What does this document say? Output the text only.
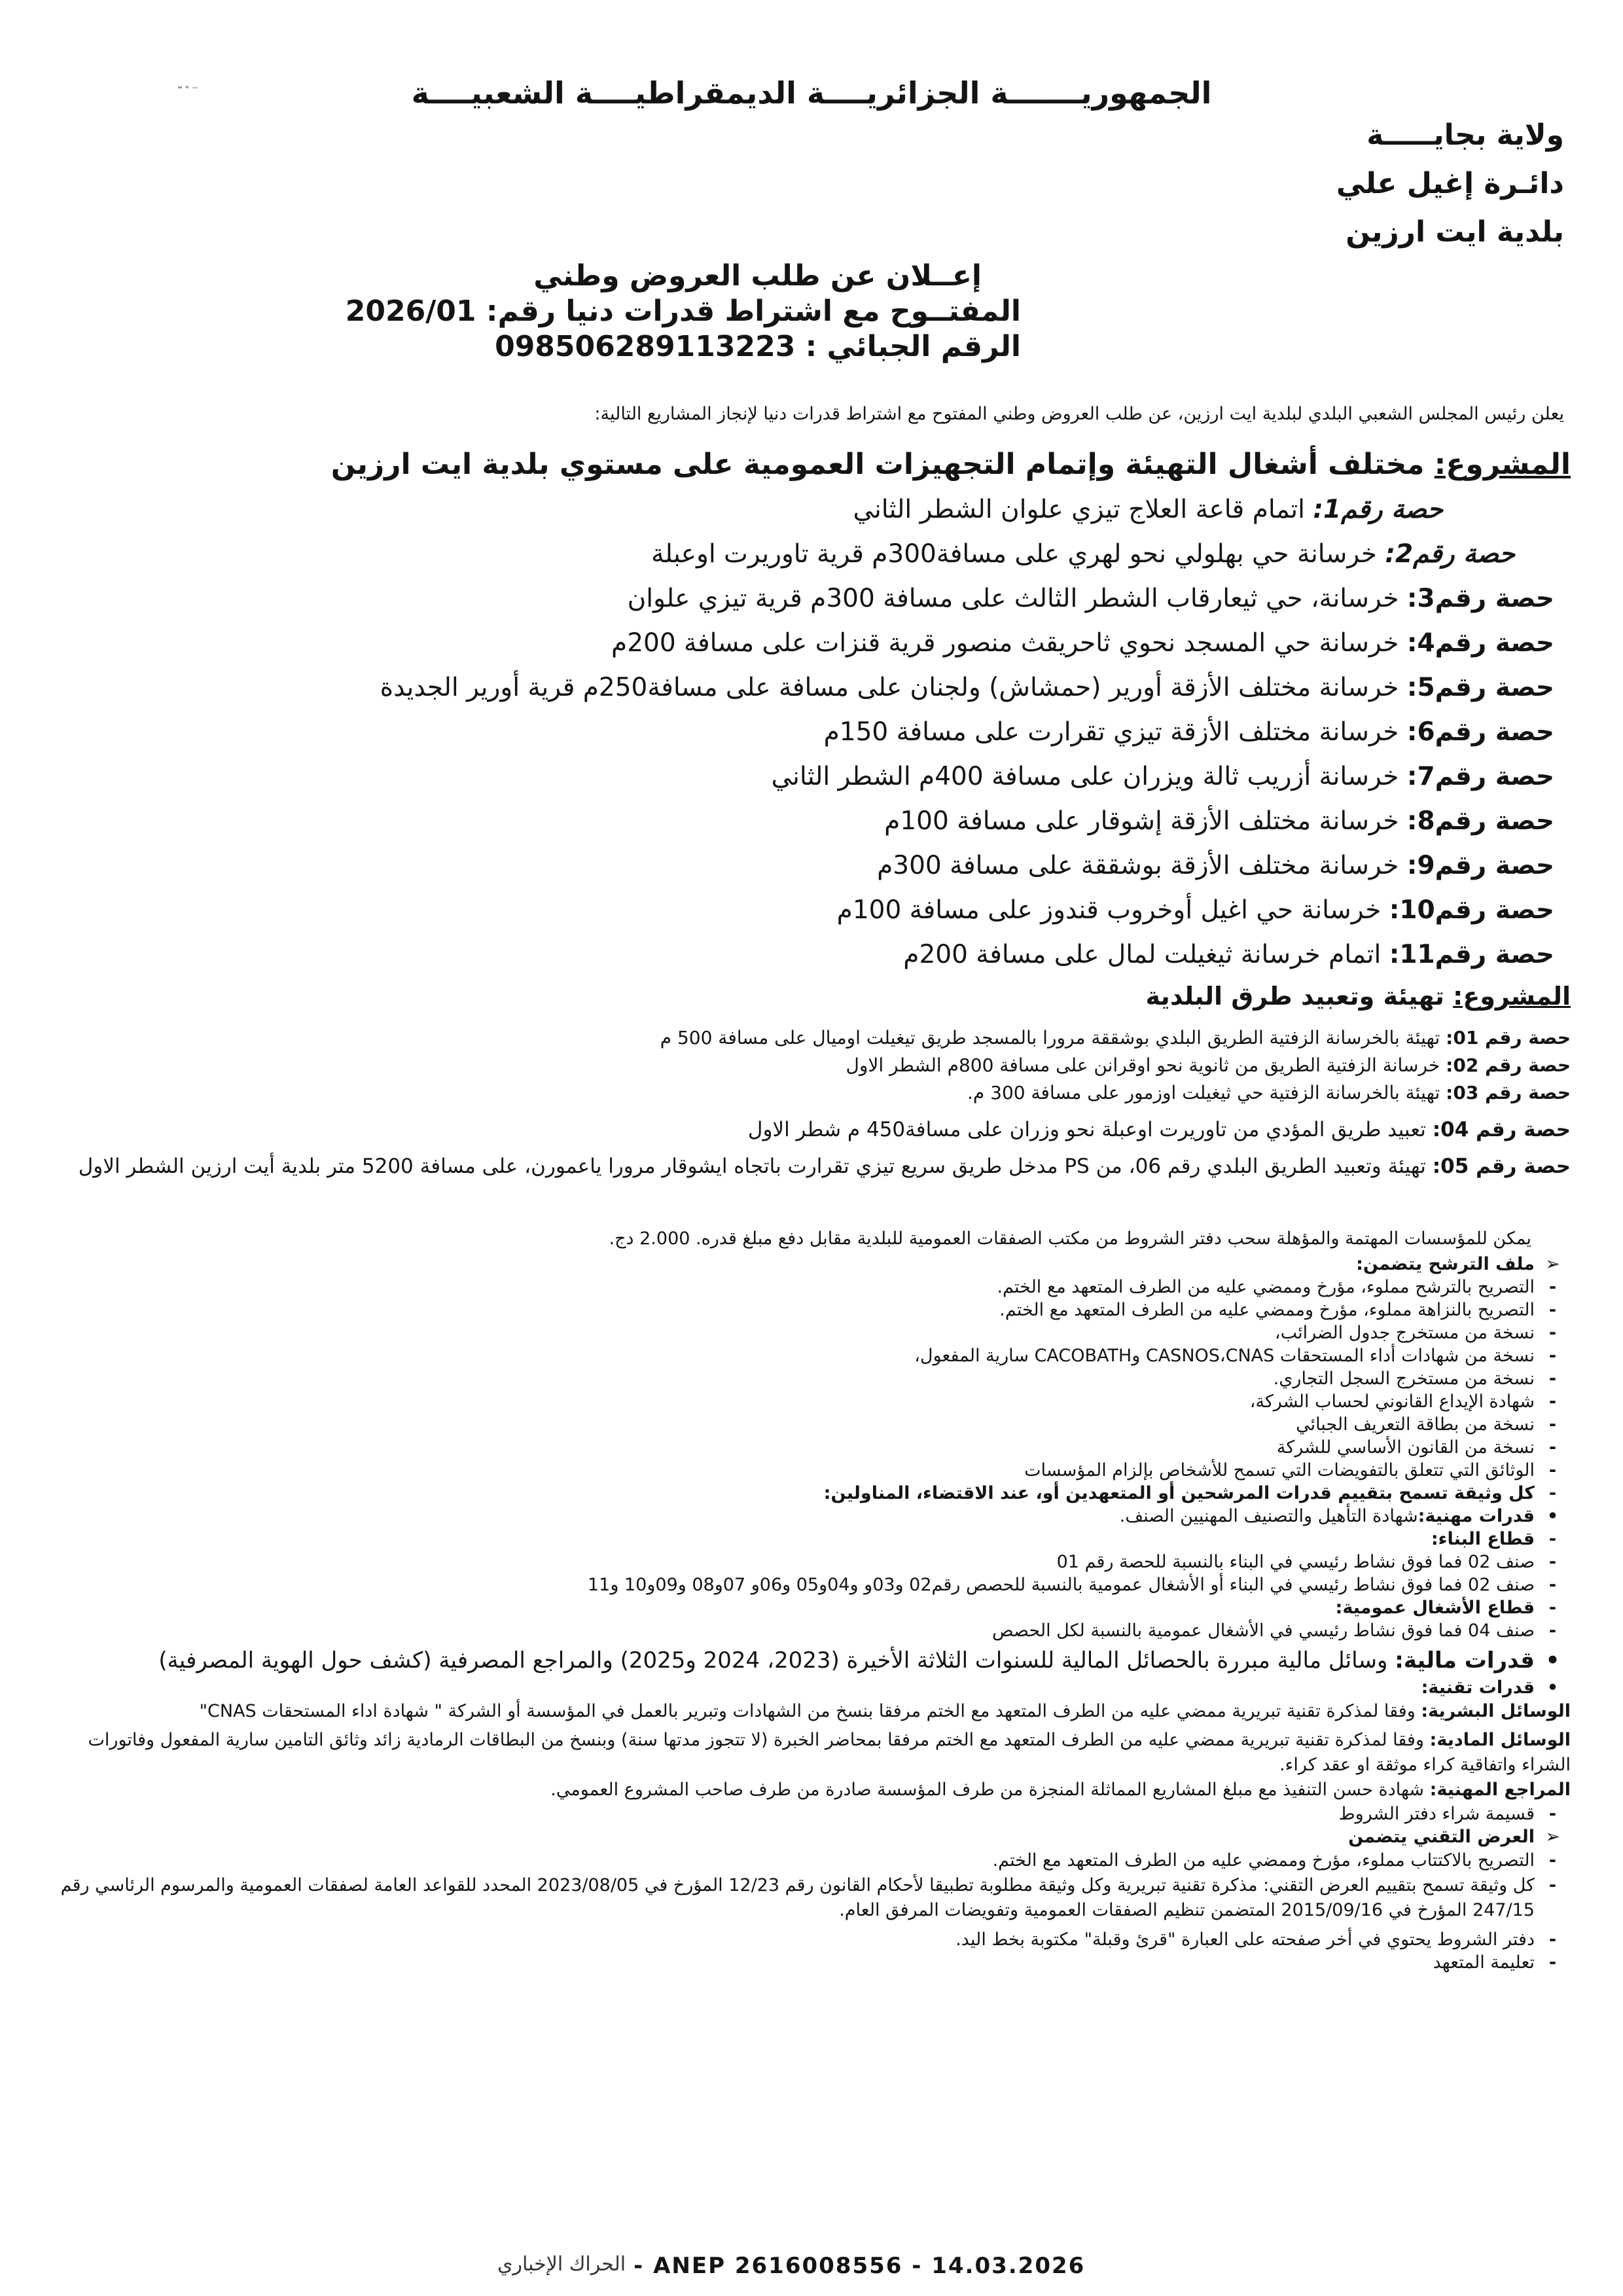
الجمهوريـــــــة الجزائريــــة الديمقراطيــــة الشعبيــــة
ولاية بجايـــــة
دائـرة إغيل علي
بلدية ايت ارزين
إعــلان عن طلب العروض وطني
المفتــوح مع اشتراط قدرات دنيا رقم: 2026/01
الرقم الجبائي : 098506289113223
يعلن رئيس المجلس الشعبي البلدي لبلدية ايت ارزين، عن طلب العروض وطني المفتوح مع اشتراط قدرات دنيا لإنجاز المشاريع التالية:
المشروع: مختلف أشغال التهيئة وإتمام التجهيزات العمومية على مستوي بلدية ايت ارزين
حصة رقم1: اتمام قاعة العلاج تيزي علوان الشطر الثاني
حصة رقم2: خرسانة حي بهلولي نحو لهري على مسافة300م قرية تاوريرت اوعبلة
حصة رقم3: خرسانة، حي ثيعارقاب الشطر الثالث على مسافة 300م قرية تيزي علوان
حصة رقم4: خرسانة حي المسجد نحوي ثاحريقث منصور قرية قنزات على مسافة 200م
حصة رقم5: خرسانة مختلف الأزقة أورير (حمشاش) ولجنان على مسافة على مسافة250م قرية أورير الجديدة
حصة رقم6: خرسانة مختلف الأزقة تيزي تقرارت على مسافة 150م
حصة رقم7: خرسانة أزريب ثالة ويزران على مسافة 400م الشطر الثاني
حصة رقم8: خرسانة مختلف الأزقة إشوقار على مسافة 100م
حصة رقم9: خرسانة مختلف الأزقة بوشققة على مسافة 300م
حصة رقم10: خرسانة حي اغيل أوخروب قندوز على مسافة 100م
حصة رقم11: اتمام خرسانة ثيغيلت لمال على مسافة 200م
المشروع: تهيئة وتعبيد طرق البلدية
حصة رقم 01: تهيئة بالخرسانة الزفتية الطريق البلدي بوشققة مرورا بالمسجد طريق تيغيلت اوميال على مسافة 500 م
حصة رقم 02: خرسانة الزفتية الطريق من ثانوية نحو اوقرانن على مسافة 800م الشطر الاول
حصة رقم 03: تهيئة بالخرسانة الزفتية حي ثيغيلت اوزمور على مسافة 300 م.
حصة رقم 04: تعبيد طريق المؤدي من تاوريرت اوعبلة نحو وزران على مسافة450 م شطر الاول
حصة رقم 05: تهيئة وتعبيد الطريق البلدي رقم 06، من PS مدخل طريق سريع تيزي تقرارت باتجاه ايشوقار مرورا ياعمورن، على مسافة 5200 متر بلدية أيت ارزين الشطر الاول
يمكن للمؤسسات المهتمة والمؤهلة سحب دفتر الشروط من مكتب الصفقات العمومية للبلدية مقابل دفع مبلغ قدره. 2.000 دج.
➢
ملف الترشح يتضمن:
-
التصريح بالترشح مملوء، مؤرخ وممضي عليه من الطرف المتعهد مع الختم.
-
التصريح بالنزاهة مملوء، مؤرخ وممضي عليه من الطرف المتعهد مع الختم.
-
نسخة من مستخرج جدول الضرائب،
-
نسخة من شهادات أداء المستحقات CASNOS،CNAS وCACOBATH سارية المفعول،
-
نسخة من مستخرج السجل التجاري.
-
شهادة الإيداع القانوني لحساب الشركة،
-
نسخة من بطاقة التعريف الجبائي
-
نسخة من القانون الأساسي للشركة
-
الوثائق التي تتعلق بالتفويضات التي تسمح للأشخاص بإلزام المؤسسات
-
كل وثيقة تسمح بتقييم قدرات المرشحين أو المتعهدين أو، عند الاقتضاء، المناولين:
•
قدرات مهنية:
شهادة التأهيل والتصنيف المهنيين الصنف.
-
قطاع البناء:
-
صنف 02 فما فوق نشاط رئيسي في البناء بالنسبة للحصة رقم 01
-
صنف 02 فما فوق نشاط رئيسي في البناء أو الأشغال عمومية بالنسبة للحصص رقم02 و03و و04و05 و06و 07و08 و09و10 و11
-
قطاع الأشغال عمومية:
-
صنف 04 فما فوق نشاط رئيسي في الأشغال عمومية بالنسبة لكل الحصص
•
قدرات مالية: وسائل مالية مبررة بالحصائل المالية للسنوات الثلاثة الأخيرة (2023، 2024 و2025) والمراجع المصرفية (كشف حول الهوية المصرفية)
•
قدرات تقنية:
الوسائل البشرية: وفقا لمذكرة تقنية تبريرية ممضي عليه من الطرف المتعهد مع الختم مرفقا بنسخ من الشهادات وتبرير بالعمل في المؤسسة أو الشركة " شهادة اداء المستحقات CNAS"
الوسائل المادية: وفقا لمذكرة تقنية تبريرية ممضي عليه من الطرف المتعهد مع الختم مرفقا بمحاضر الخبرة (لا تتجوز مدتها سنة) وبنسخ من البطاقات الرمادية زائد وثائق التامين سارية المفعول وفاتورات الشراء واتفاقية كراء موثقة او عقد كراء.
المراجع المهنية: شهادة حسن التنفيذ مع مبلغ المشاريع المماثلة المنجزة من طرف المؤسسة صادرة من طرف صاحب المشروع العمومي.
-
قسيمة شراء دفتر الشروط
➢
العرض التقني يتضمن
-
التصريح بالاكتتاب مملوء، مؤرخ وممضي عليه من الطرف المتعهد مع الختم.
-
كل وثيقة تسمح بتقييم العرض التقني: مذكرة تقنية تبريرية وكل وثيقة مطلوبة تطبيقا لأحكام القانون رقم 12/23 المؤرخ في 2023/08/05 المحدد للقواعد العامة لصفقات العمومية والمرسوم الرئاسي رقم 247/15 المؤرخ في 2015/09/16 المتضمن تنظيم الصفقات العمومية وتفويضات المرفق العام.
-
دفتر الشروط يحتوي في أخر صفحته على العبارة "قرئ وقبلة" مكتوبة بخط اليد.
-
تعليمة المتعهد
- ANEP 2616008556 - 14.03.2026
الحراك الإخباري
